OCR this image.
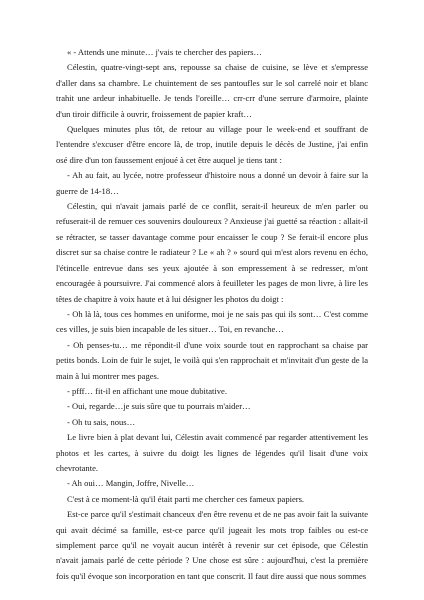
« - Attends une minute… j'vais te chercher des papiers…

Célestin, quatre-vingt-sept ans, repousse sa chaise de cuisine, se lève et s'empresse d'aller dans sa chambre. Le chuintement de ses pantoufles sur le sol carrelé noir et blanc trahit une ardeur inhabituelle. Je tends l'oreille… crr-crr d'une serrure d'armoire, plainte d'un tiroir difficile à ouvrir, froissement de papier kraft…

Quelques minutes plus tôt, de retour au village pour le week-end et souffrant de l'entendre s'excuser d'être encore là, de trop, inutile depuis le décès de Justine, j'ai enfin osé dire d'un ton faussement enjoué à cet être auquel je tiens tant :

- Ah au fait, au lycée, notre professeur d'histoire nous a donné un devoir à faire sur la guerre de 14-18…

Célestin, qui n'avait jamais parlé de ce conflit, serait-il heureux de m'en parler ou refuserait-il de remuer ces souvenirs douloureux ? Anxieuse j'ai guetté sa réaction : allait-il se rétracter, se tasser davantage comme pour encaisser le coup ? Se ferait-il encore plus discret sur sa chaise contre le radiateur ? Le « ah ? » sourd qui m'est alors revenu en écho, l'étincelle entrevue dans ses yeux ajoutée à son empressement à se redresser, m'ont encouragée à poursuivre. J'ai commencé alors à feuilleter les pages de mon livre, à lire les têtes de chapitre à voix haute et à lui désigner les photos du doigt :

- Oh là là, tous ces hommes en uniforme, moi je ne sais pas qui ils sont… C'est comme ces villes, je suis bien incapable de les situer… Toi, en revanche…

- Oh penses-tu… me répondit-il d'une voix sourde tout en rapprochant sa chaise par petits bonds. Loin de fuir le sujet, le voilà qui s'en rapprochait et m'invitait d'un geste de la main à lui montrer mes pages.

- pfff… fit-il en affichant une moue dubitative.

- Oui, regarde…je suis sûre que tu pourrais m'aider…

- Oh tu sais, nous…

Le livre bien à plat devant lui, Célestin avait commencé par regarder attentivement les photos et les cartes, à suivre du doigt les lignes de légendes qu'il lisait d'une voix chevrotante.

- Ah oui… Mangin, Joffre, Nivelle…

C'est à ce moment-là qu'il était parti me chercher ces fameux papiers.

Est-ce parce qu'il s'estimait chanceux d'en être revenu et de ne pas avoir fait la suivante qui avait décimé sa famille, est-ce parce qu'il jugeait les mots trop faibles ou est-ce simplement parce qu'il ne voyait aucun intérêt à revenir sur cet épisode, que Célestin n'avait jamais parlé de cette période ? Une chose est sûre : aujourd'hui, c'est la première fois qu'il évoque son incorporation en tant que conscrit. Il faut dire aussi que nous sommes
